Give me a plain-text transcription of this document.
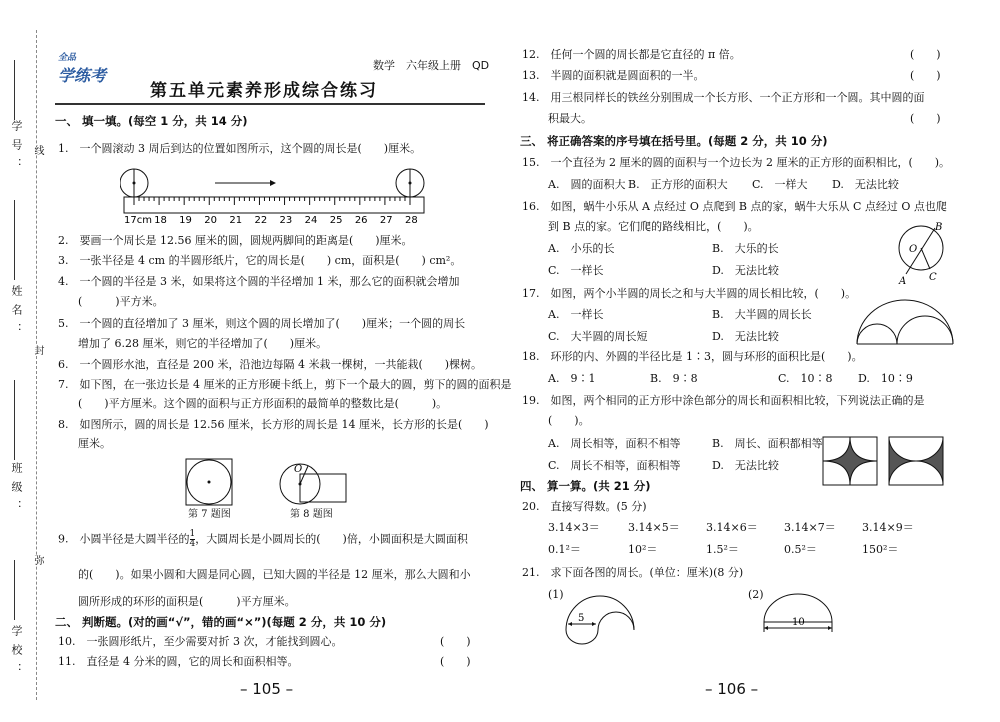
学号： 线
姓名：
封
班级：
弥
学校：
全品
学练考
数学　六年级上册　QD
第五单元素养形成综合练习
一、 填一填。(每空 1 分，共 14 分)
1.　一个圆滚动 3 周后到达的位置如图所示，这个圆的周长是(　　)厘米。
17cm 18 19 20 21 22 23 24 25 26 27 28
2.　要画一个周长是 12.56 厘米的圆，圆规两脚间的距离是(　　)厘米。
3.　一张半径是 4 cm 的半圆形纸片，它的周长是(　　) cm，面积是(　　) cm²。
4.　一个圆的半径是 3 米，如果将这个圆的半径增加 1 米，那么它的面积就会增加
(　　　)平方米。
5.　一个圆的直径增加了 3 厘米，则这个圆的周长增加了(　　)厘米；一个圆的周长
增加了 6.28 厘米，则它的半径增加了(　　)厘米。
6.　一个圆形水池，直径是 200 米，沿池边每隔 4 米栽一棵树，一共能栽(　　)棵树。
7.　如下图，在一张边长是 4 厘米的正方形硬卡纸上，剪下一个最大的圆，剪下的圆的面积是
(　　)平方厘米。这个圆的面积与正方形面积的最简单的整数比是(　　　)。
8.　如图所示，圆的周长是 12.56 厘米，长方形的周长是 14 厘米，长方形的长是(　　)
厘米。
第 7 题图
O
第 8 题图
9.　小圆半径是大圆半径的 $\frac{1}{4}$ ，大圆周长是小圆周长的(　　)倍，小圆面积是大圆面积
的(　　)。如果小圆和大圆是同心圆，已知大圆的半径是 12 厘米，那么大圆和小
圆所形成的环形的面积是(　　　)平方厘米。
二、 判断题。(对的画“√”，错的画“×”)(每题 2 分，共 10 分)
10.　一张圆形纸片，至少需要对折 3 次，才能找到圆心。	(　　)
11.　直径是 4 分米的圆，它的周长和面积相等。	(　　)
– 105 –
12.　任何一个圆的周长都是它直径的 π 倍。	(　　)
13.　半圆的面积就是圆面积的一半。	(　　)
14.　用三根同样长的铁丝分别围成一个长方形、一个正方形和一个圆。其中圆的面
积最大。	(　　)
三、 将正确答案的序号填在括号里。(每题 2 分，共 10 分)
15.　一个直径为 2 厘米的圆的面积与一个边长为 2 厘米的正方形的面积相比，(　　)。
A.　圆的面积大 B.　正方形的面积大 C.　一样大 D.　无法比较
16.　如图，蜗牛小乐从 A 点经过 O 点爬到 B 点的家，蜗牛大乐从 C 点经过 O 点也爬
到 B 点的家。它们爬的路线相比，(　　)。
A.　小乐的长	B.　大乐的长
C.　一样长	D.　无法比较
B
O
A C
17.　如图，两个小半圆的周长之和与大半圆的周长相比较，(　　)。
A.　一样长	B.　大半圆的周长长
C.　大半圆的周长短	D.　无法比较
18.　环形的内、外圆的半径比是 1∶3，圆与环形的面积比是(　　)。
A.　9∶1	B.　9∶8	C.　10∶8 D.　10∶9
19.　如图，两个相同的正方形中涂色部分的周长和面积相比较，下列说法正确的是
(　　)。
A.　周长相等，面积不相等	B.　周长、面积都相等
C.　周长不相等，面积相等	D.　无法比较
四、 算一算。(共 21 分)
20.　直接写得数。(5 分)
3.14×3＝	3.14×5＝ 3.14×6＝ 3.14×7＝ 3.14×9＝
0.1²＝	10²＝	1.5²＝	0.5²＝	150²＝
21.　求下面各图的周长。(单位：厘米)(8 分)
(1)
5
(2)
10
– 106 –
